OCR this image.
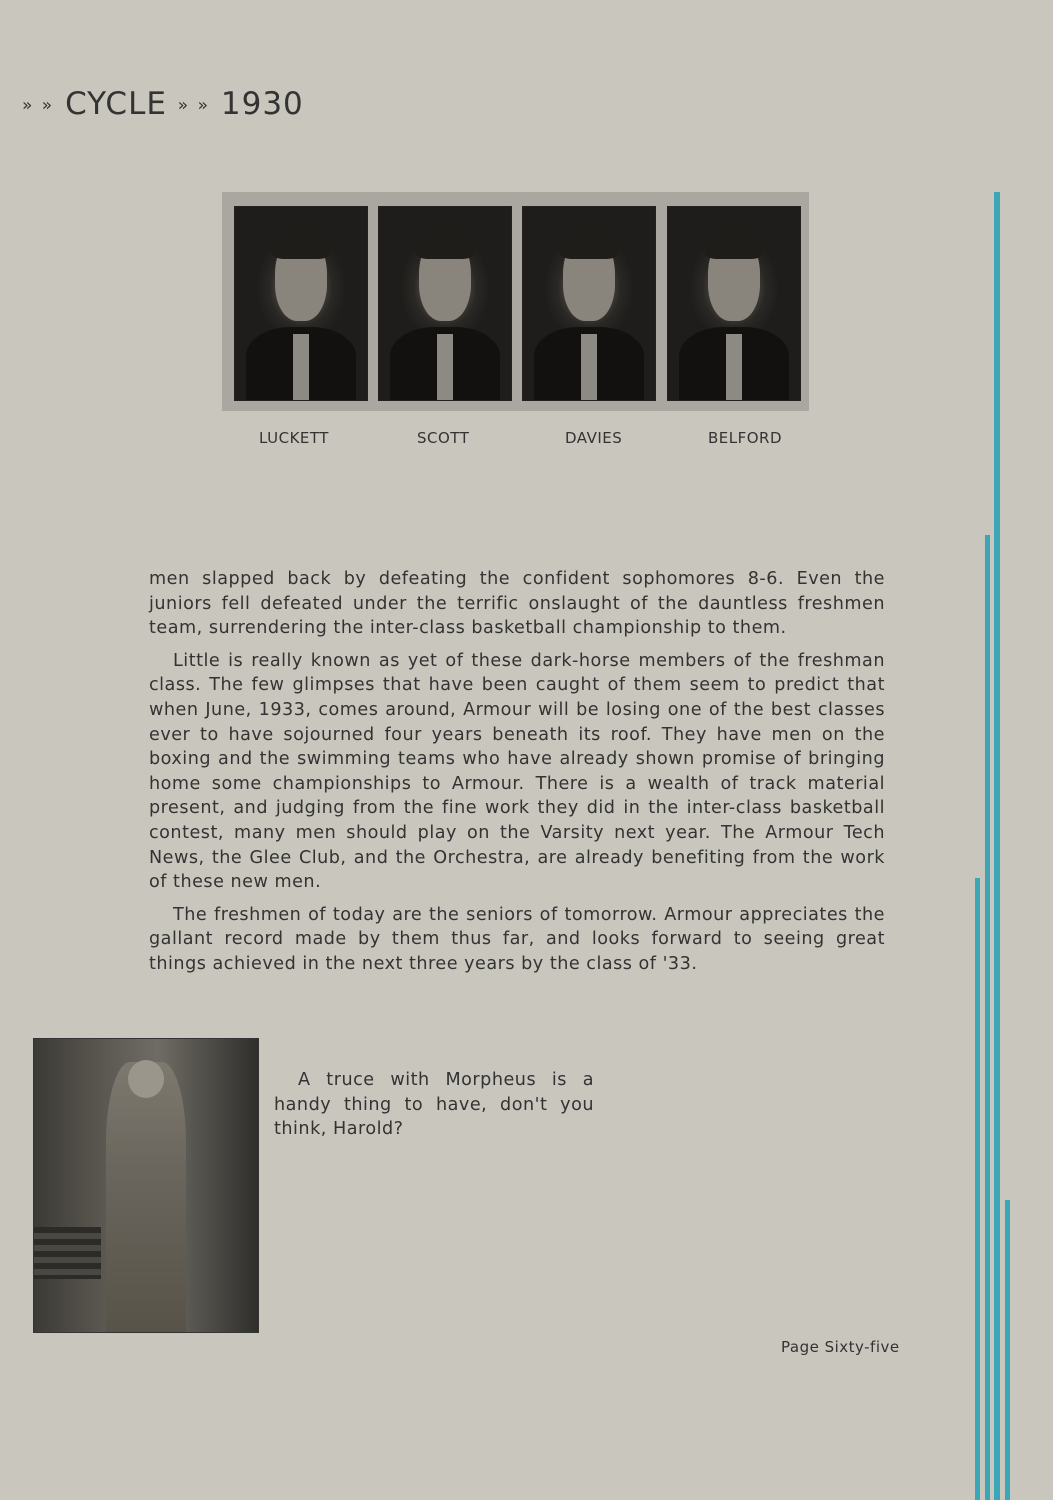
» » CYCLE » » 1930
LUCKETT	SCOTT	DAVIES	BELFORD

men slapped back by defeating the confident sophomores 8-6. Even the juniors fell defeated under the terrific onslaught of the dauntless freshmen team, surrendering the inter-class basketball championship to them.

Little is really known as yet of these dark-horse members of the freshman class. The few glimpses that have been caught of them seem to predict that when June, 1933, comes around, Armour will be losing one of the best classes ever to have sojourned four years beneath its roof. They have men on the boxing and the swimming teams who have already shown promise of bringing home some championships to Armour. There is a wealth of track material present, and judging from the fine work they did in the inter-class basketball contest, many men should play on the Varsity next year. The Armour Tech News, the Glee Club, and the Orchestra, are already benefiting from the work of these new men.

The freshmen of today are the seniors of tomorrow. Armour appreciates the gallant record made by them thus far, and looks forward to seeing great things achieved in the next three years by the class of '33.

A truce with Morpheus is a handy thing to have, don't you think, Harold?
Page Sixty-five
